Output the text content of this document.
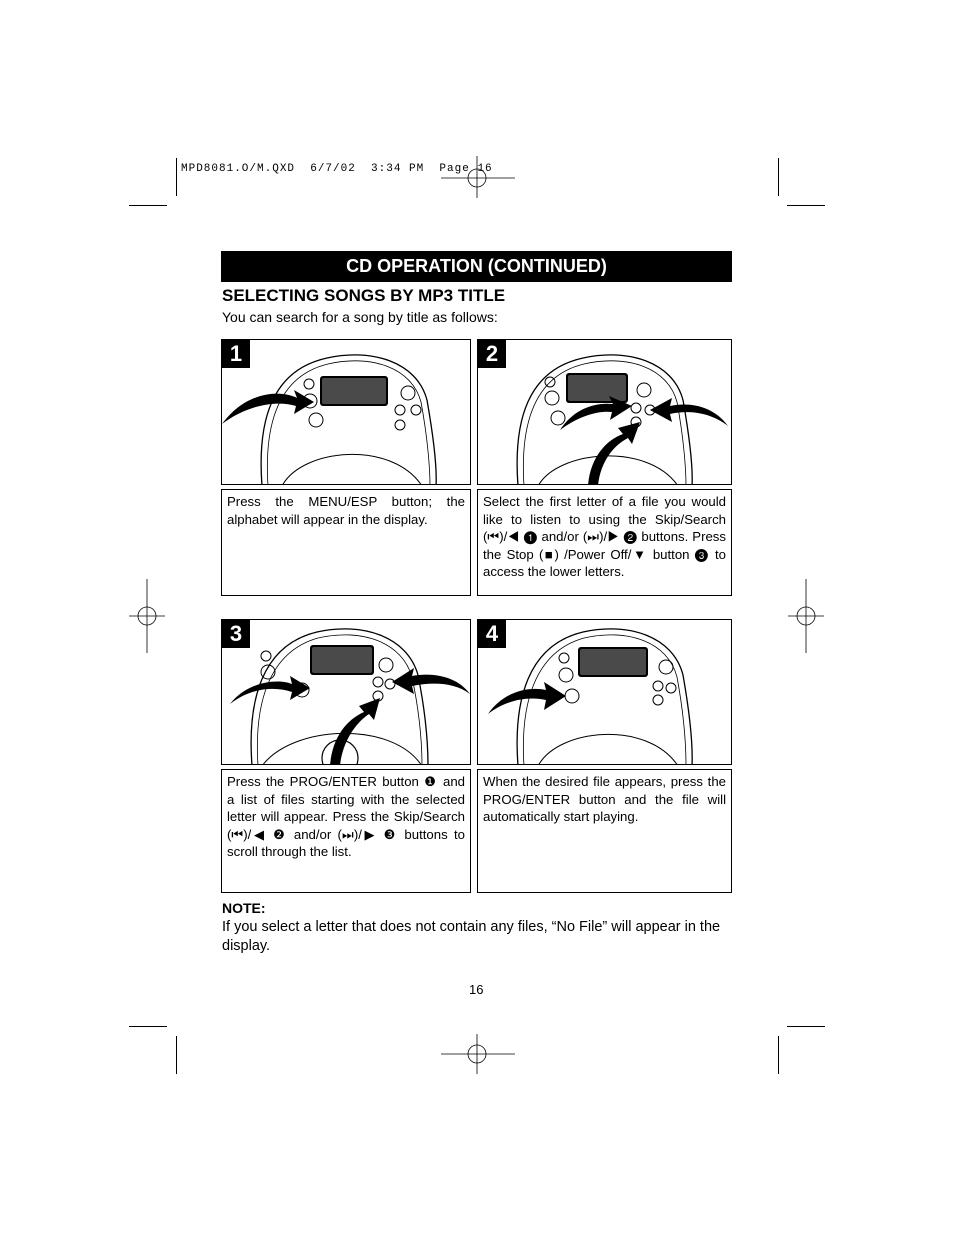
MPD8081.O/M.QXD  6/7/02  3:34 PM  Page 16
CD OPERATION (CONTINUED)
SELECTING SONGS BY MP3 TITLE
You can search for a song by title as follows:
1	2
Press the MENU/ESP button; the alphabet will appear in the display.
Select the first letter of a file you would like to listen to using the Skip/Search (⏮)/◀ ❶ and/or (⏭)/▶ ❷ buttons. Press the Stop (■) /Power Off/▼ button ❸ to access the lower letters.
3	4
Press the PROG/ENTER button ❶ and a list of files starting with the selected letter will appear. Press the Skip/Search (⏮)/◀ ❷ and/or (⏭)/▶ ❸ buttons to scroll through the list.
When the desired file appears, press the PROG/ENTER button and the file will automatically start playing.
NOTE:
If you select a letter that does not contain any files, “No File” will appear in the display.
16
